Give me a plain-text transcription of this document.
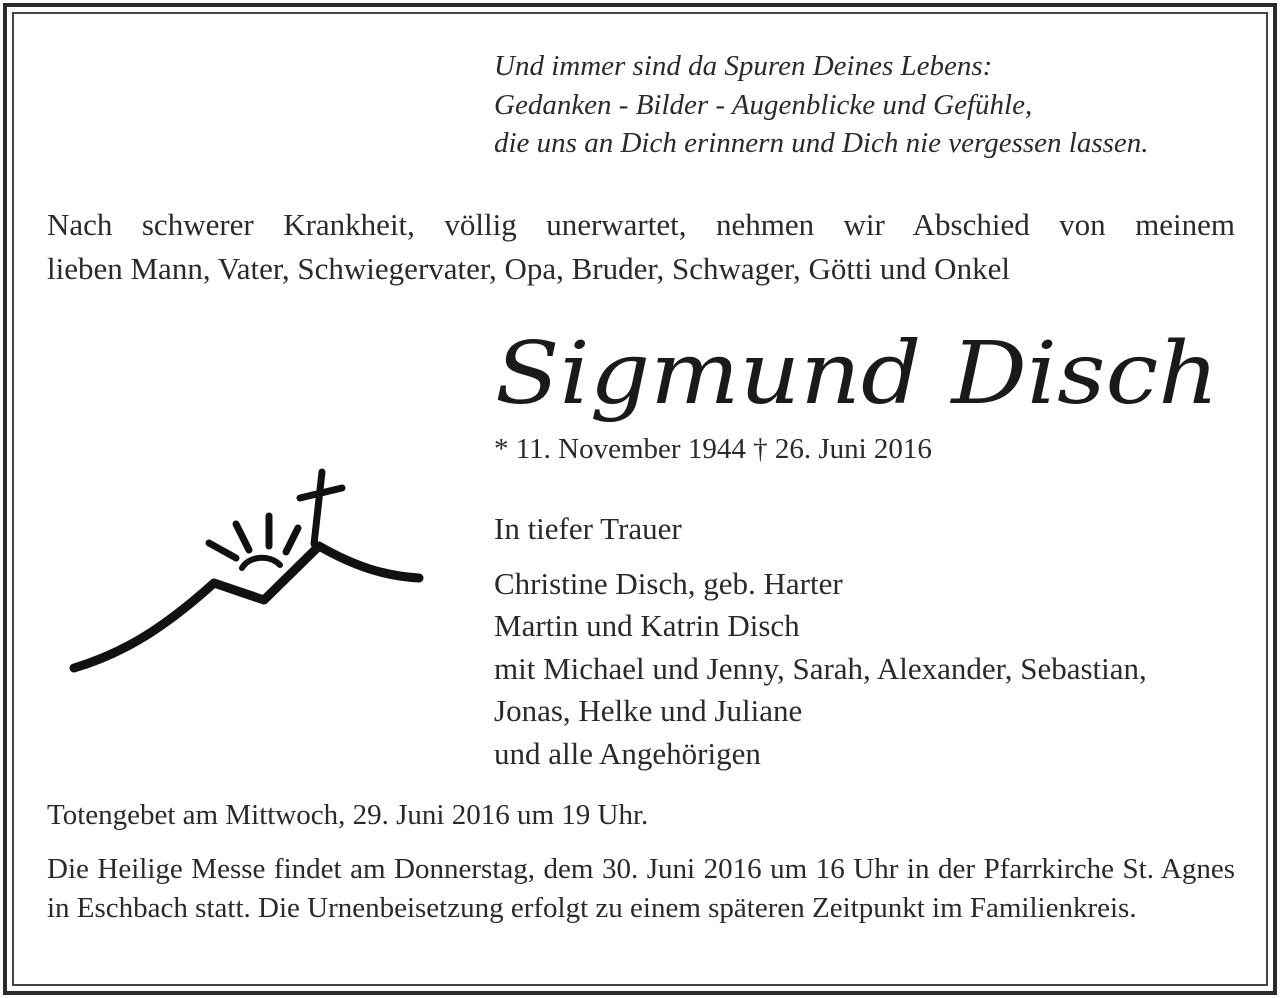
Und immer sind da Spuren Deines Lebens:
Gedanken - Bilder - Augenblicke und Gefühle,
die uns an Dich erinnern und Dich nie vergessen lassen.
Nach schwerer Krankheit, völlig unerwartet, nehmen wir Abschied von meinem
lieben Mann, Vater, Schwiegervater, Opa, Bruder, Schwager, Götti und Onkel
Sigmund Disch
* 11. November 1944 † 26. Juni 2016
In tiefer Trauer
Christine Disch, geb. Harter
Martin und Katrin Disch
mit Michael und Jenny, Sarah, Alexander, Sebastian,
Jonas, Helke und Juliane
und alle Angehörigen
Totengebet am Mittwoch, 29. Juni 2016 um 19 Uhr.
Die Heilige Messe findet am Donnerstag, dem 30. Juni 2016 um 16 Uhr in der Pfarrkirche St. Agnes in Eschbach statt. Die Urnenbeisetzung erfolgt zu einem späteren Zeitpunkt im Familienkreis.
